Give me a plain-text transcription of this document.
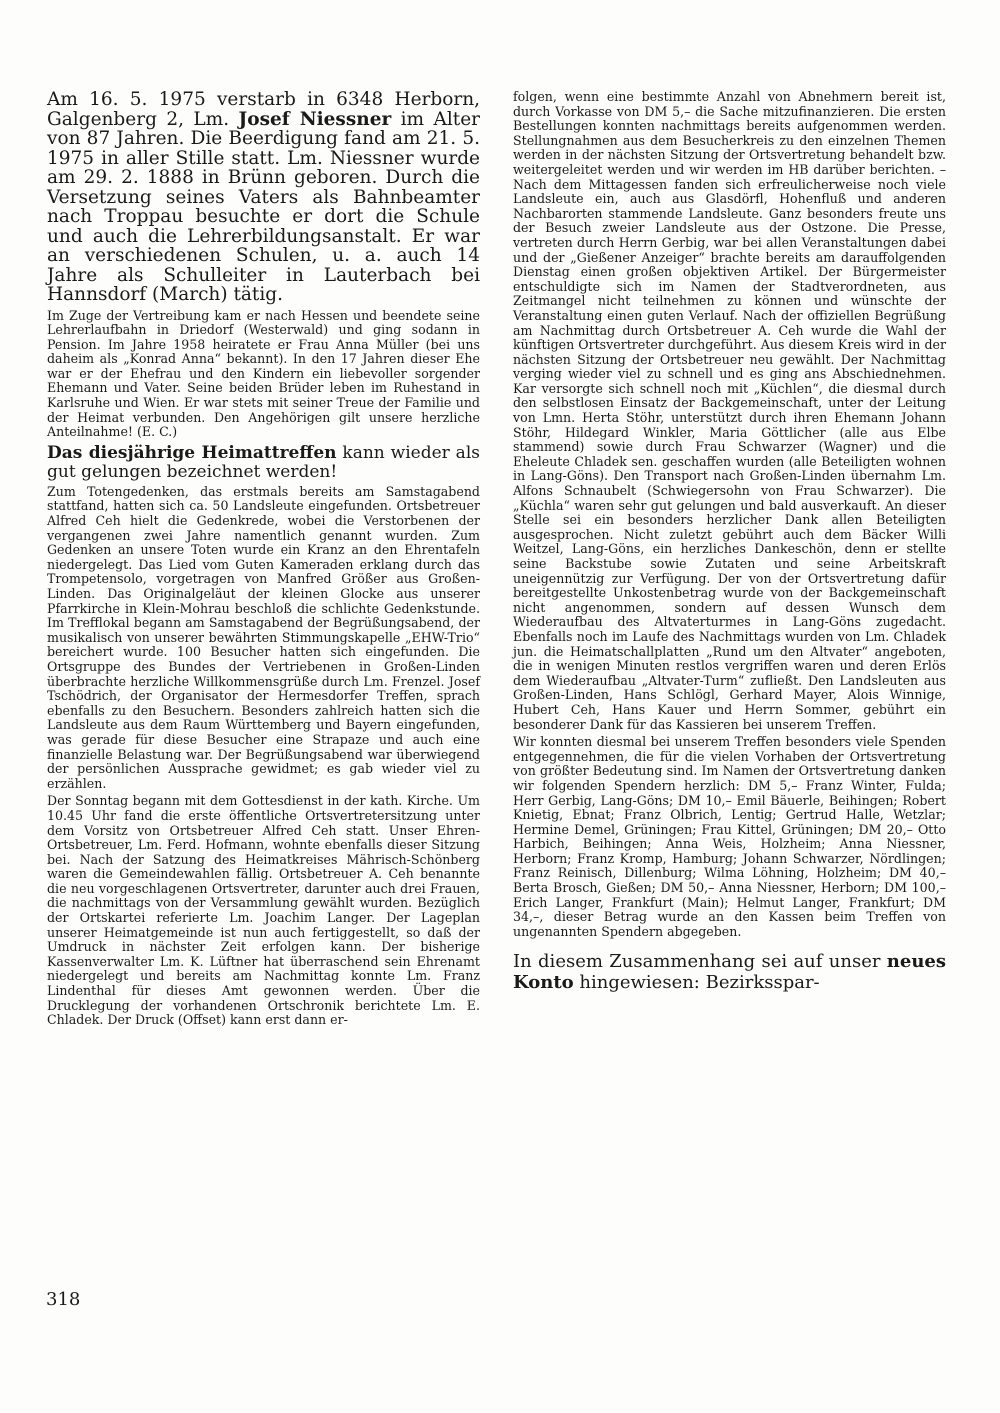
Am 16. 5. 1975 verstarb in 6348 Herborn, Galgenberg 2, Lm. Josef Niessner im Alter von 87 Jahren. Die Beerdigung fand am 21. 5. 1975 in aller Stille statt. Lm. Niessner wurde am 29. 2. 1888 in Brünn geboren. Durch die Versetzung seines Vaters als Bahnbeamter nach Troppau besuchte er dort die Schule und auch die Lehrerbildungsanstalt. Er war an verschiedenen Schulen, u. a. auch 14 Jahre als Schulleiter in Lauterbach bei Hannsdorf (March) tätig.

Im Zuge der Vertreibung kam er nach Hessen und beendete seine Lehrerlaufbahn in Driedorf (Westerwald) und ging sodann in Pension. Im Jahre 1958 heiratete er Frau Anna Müller (bei uns daheim als „Konrad Anna“ bekannt). In den 17 Jahren dieser Ehe war er der Ehefrau und den Kindern ein liebevoller sorgender Ehemann und Vater. Seine beiden Brüder leben im Ruhestand in Karlsruhe und Wien. Er war stets mit seiner Treue der Familie und der Heimat verbunden. Den Angehörigen gilt unsere herzliche Anteilnahme! (E. C.)

Das diesjährige Heimattreffen kann wieder als gut gelungen bezeichnet werden!

Zum Totengedenken, das erstmals bereits am Samstagabend stattfand, hatten sich ca. 50 Landsleute eingefunden. Ortsbetreuer Alfred Ceh hielt die Gedenkrede, wobei die Verstorbenen der vergangenen zwei Jahre namentlich genannt wurden. Zum Gedenken an unsere Toten wurde ein Kranz an den Ehrentafeln niedergelegt. Das Lied vom Guten Kameraden erklang durch das Trompetensolo, vorgetragen von Manfred Größer aus Großen-Linden. Das Originalgeläut der kleinen Glocke aus unserer Pfarrkirche in Klein-Mohrau beschloß die schlichte Gedenkstunde. Im Trefflokal begann am Samstagabend der Begrüßungsabend, der musikalisch von unserer bewährten Stimmungskapelle „EHW-Trio“ bereichert wurde. 100 Besucher hatten sich eingefunden. Die Ortsgruppe des Bundes der Vertriebenen in Großen-Linden überbrachte herzliche Willkommensgrüße durch Lm. Frenzel. Josef Tschödrich, der Organisator der Hermesdorfer Treffen, sprach ebenfalls zu den Besuchern. Besonders zahlreich hatten sich die Landsleute aus dem Raum Württemberg und Bayern eingefunden, was gerade für diese Besucher eine Strapaze und auch eine finanzielle Belastung war. Der Begrüßungsabend war überwiegend der persönlichen Aussprache gewidmet; es gab wieder viel zu erzählen.

Der Sonntag begann mit dem Gottesdienst in der kath. Kirche. Um 10.45 Uhr fand die erste öffentliche Ortsvertretersitzung unter dem Vorsitz von Ortsbetreuer Alfred Ceh statt. Unser Ehren-Ortsbetreuer, Lm. Ferd. Hofmann, wohnte ebenfalls dieser Sitzung bei. Nach der Satzung des Heimatkreises Mährisch-Schönberg waren die Gemeindewahlen fällig. Ortsbetreuer A. Ceh benannte die neu vorgeschlagenen Ortsvertreter, darunter auch drei Frauen, die nachmittags von der Versammlung gewählt wurden. Bezüglich der Ortskartei referierte Lm. Joachim Langer. Der Lageplan unserer Heimatgemeinde ist nun auch fertiggestellt, so daß der Umdruck in nächster Zeit erfolgen kann. Der bisherige Kassenverwalter Lm. K. Lüftner hat überraschend sein Ehrenamt niedergelegt und bereits am Nachmittag konnte Lm. Franz Lindenthal für dieses Amt gewonnen werden. Über die Drucklegung der vorhandenen Ortschronik berichtete Lm. E. Chladek. Der Druck (Offset) kann erst dann er-

folgen, wenn eine bestimmte Anzahl von Abnehmern bereit ist, durch Vorkasse von DM 5,– die Sache mitzufinanzieren. Die ersten Bestellungen konnten nachmittags bereits aufgenommen werden. Stellungnahmen aus dem Besucherkreis zu den einzelnen Themen werden in der nächsten Sitzung der Ortsvertretung behandelt bzw. weitergeleitet werden und wir werden im HB darüber berichten. – Nach dem Mittagessen fanden sich erfreulicherweise noch viele Landsleute ein, auch aus Glasdörfl, Hohenfluß und anderen Nachbarorten stammende Landsleute. Ganz besonders freute uns der Besuch zweier Landsleute aus der Ostzone. Die Presse, vertreten durch Herrn Gerbig, war bei allen Veranstaltungen dabei und der „Gießener Anzeiger“ brachte bereits am darauffolgenden Dienstag einen großen objektiven Artikel. Der Bürgermeister entschuldigte sich im Namen der Stadtverordneten, aus Zeitmangel nicht teilnehmen zu können und wünschte der Veranstaltung einen guten Verlauf. Nach der offiziellen Begrüßung am Nachmittag durch Ortsbetreuer A. Ceh wurde die Wahl der künftigen Ortsvertreter durchgeführt. Aus diesem Kreis wird in der nächsten Sitzung der Ortsbetreuer neu gewählt. Der Nachmittag verging wieder viel zu schnell und es ging ans Abschiednehmen. Kar versorgte sich schnell noch mit „Küchlen“, die diesmal durch den selbstlosen Einsatz der Backgemeinschaft, unter der Leitung von Lmn. Herta Stöhr, unterstützt durch ihren Ehemann Johann Stöhr, Hildegard Winkler, Maria Göttlicher (alle aus Elbe stammend) sowie durch Frau Schwarzer (Wagner) und die Eheleute Chladek sen. geschaffen wurden (alle Beteiligten wohnen in Lang-Göns). Den Transport nach Großen-Linden übernahm Lm. Alfons Schnaubelt (Schwiegersohn von Frau Schwarzer). Die „Küchla“ waren sehr gut gelungen und bald ausverkauft. An dieser Stelle sei ein besonders herzlicher Dank allen Beteiligten ausgesprochen. Nicht zuletzt gebührt auch dem Bäcker Willi Weitzel, Lang-Göns, ein herzliches Dankeschön, denn er stellte seine Backstube sowie Zutaten und seine Arbeitskraft uneigennützig zur Verfügung. Der von der Ortsvertretung dafür bereitgestellte Unkostenbetrag wurde von der Backgemeinschaft nicht angenommen, sondern auf dessen Wunsch dem Wiederaufbau des Altvaterturmes in Lang-Göns zugedacht. Ebenfalls noch im Laufe des Nachmittags wurden von Lm. Chladek jun. die Heimatschallplatten „Rund um den Altvater“ angeboten, die in wenigen Minuten restlos vergriffen waren und deren Erlös dem Wiederaufbau „Altvater-Turm“ zufließt. Den Landsleuten aus Großen-Linden, Hans Schlögl, Gerhard Mayer, Alois Winnige, Hubert Ceh, Hans Kauer und Herrn Sommer, gebührt ein besonderer Dank für das Kassieren bei unserem Treffen.

Wir konnten diesmal bei unserem Treffen besonders viele Spenden entgegennehmen, die für die vielen Vorhaben der Ortsvertretung von größter Bedeutung sind. Im Namen der Ortsvertretung danken wir folgenden Spendern herzlich: DM 5,– Franz Winter, Fulda; Herr Gerbig, Lang-Göns; DM 10,– Emil Bäuerle, Beihingen; Robert Knietig, Ebnat; Franz Olbrich, Lentig; Gertrud Halle, Wetzlar; Hermine Demel, Grüningen; Frau Kittel, Grüningen; DM 20,– Otto Harbich, Beihingen; Anna Weis, Holzheim; Anna Niessner, Herborn; Franz Kromp, Hamburg; Johann Schwarzer, Nördlingen; Franz Reinisch, Dillenburg; Wilma Löhning, Holzheim; DM 40,– Berta Brosch, Gießen; DM 50,– Anna Niessner, Herborn; DM 100,– Erich Langer, Frankfurt (Main); Helmut Langer, Frankfurt; DM 34,–, dieser Betrag wurde an den Kassen beim Treffen von ungenannten Spendern abgegeben.

In diesem Zusammenhang sei auf unser neues Konto hingewiesen: Bezirksspar-

318
